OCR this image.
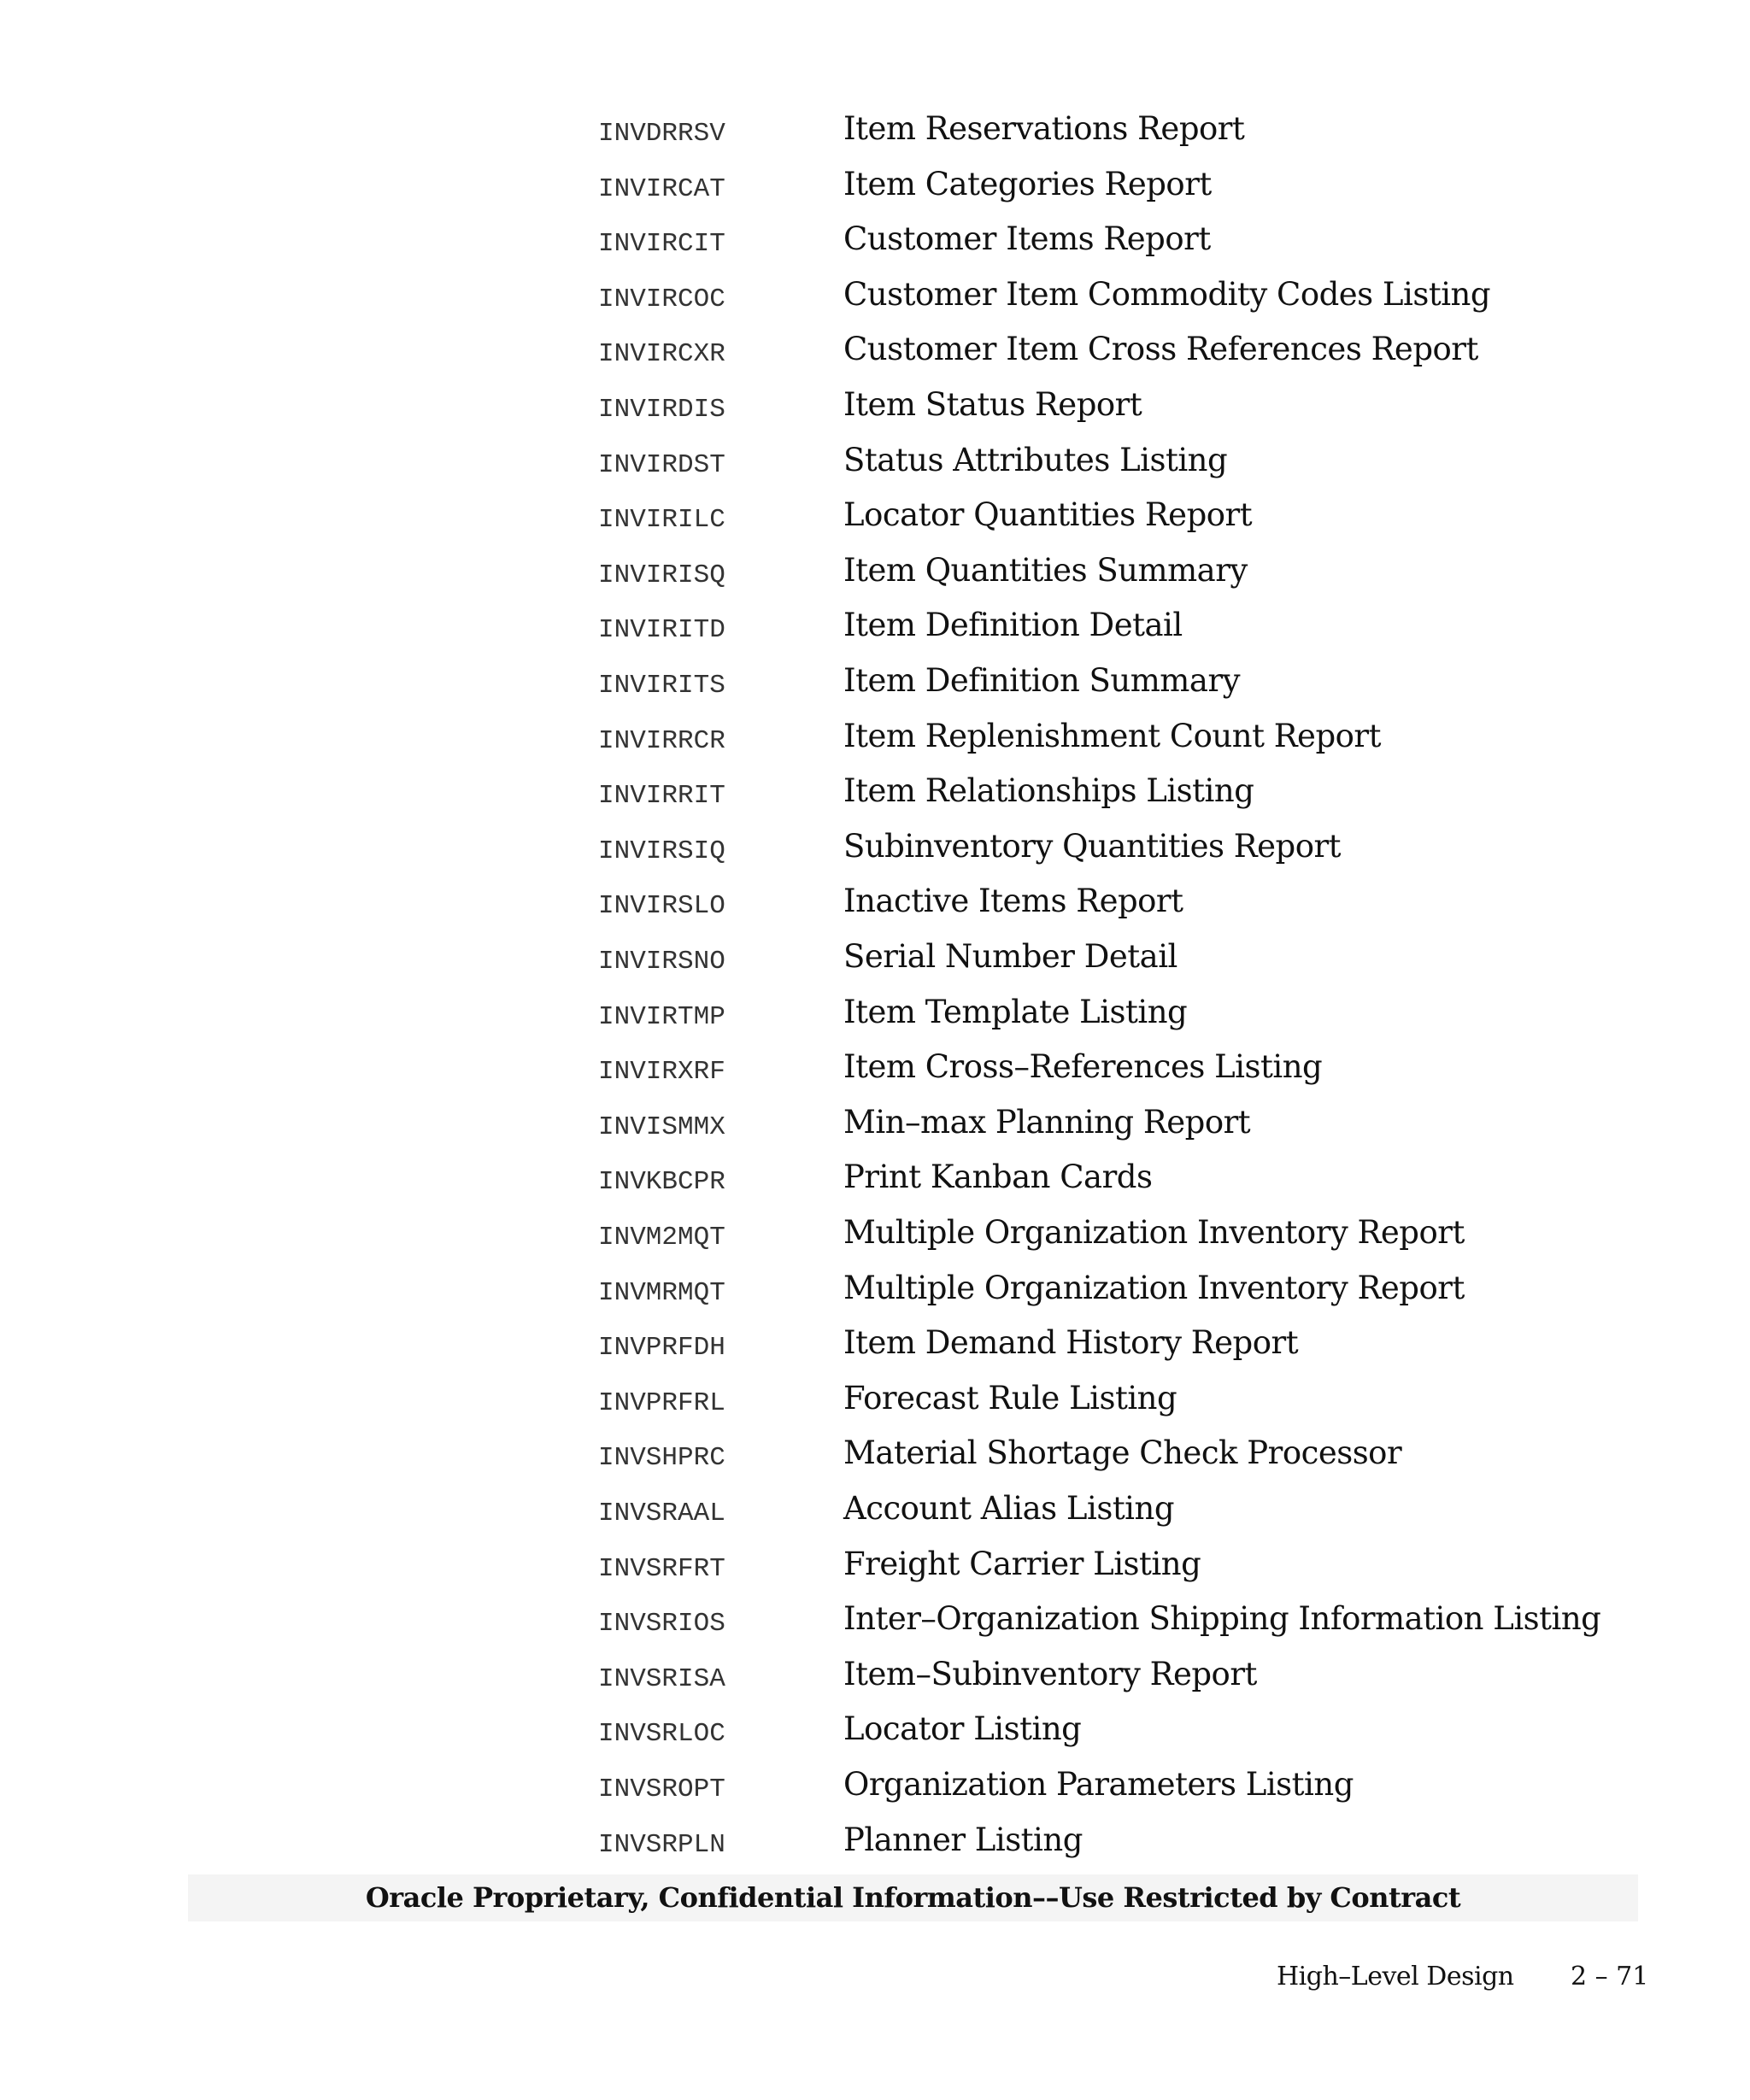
INVDRRSV	Item Reservations Report
INVIRCAT	Item Categories Report
INVIRCIT	Customer Items Report
INVIRCOC	Customer Item Commodity Codes Listing
INVIRCXR	Customer Item Cross References Report
INVIRDIS	Item Status Report
INVIRDST	Status Attributes Listing
INVIRILC	Locator Quantities Report
INVIRISQ	Item Quantities Summary
INVIRITD	Item Definition Detail
INVIRITS	Item Definition Summary
INVIRRCR	Item Replenishment Count Report
INVIRRIT	Item Relationships Listing
INVIRSIQ	Subinventory Quantities Report
INVIRSLO	Inactive Items Report
INVIRSNO	Serial Number Detail
INVIRTMP	Item Template Listing
INVIRXRF	Item Cross–References Listing
INVISMMX	Min–max Planning Report
INVKBCPR	Print Kanban Cards
INVM2MQT	Multiple Organization Inventory Report
INVMRMQT	Multiple Organization Inventory Report
INVPRFDH	Item Demand History Report
INVPRFRL	Forecast Rule Listing
INVSHPRC	Material Shortage Check Processor
INVSRAAL	Account Alias Listing
INVSRFRT	Freight Carrier Listing
INVSRIOS	Inter–Organization Shipping Information Listing
INVSRISA	Item–Subinventory Report
INVSRLOC	Locator Listing
INVSROPT	Organization Parameters Listing
INVSRPLN	Planner Listing
Oracle Proprietary, Confidential Information––Use Restricted by Contract
High–Level Design 2 – 71
